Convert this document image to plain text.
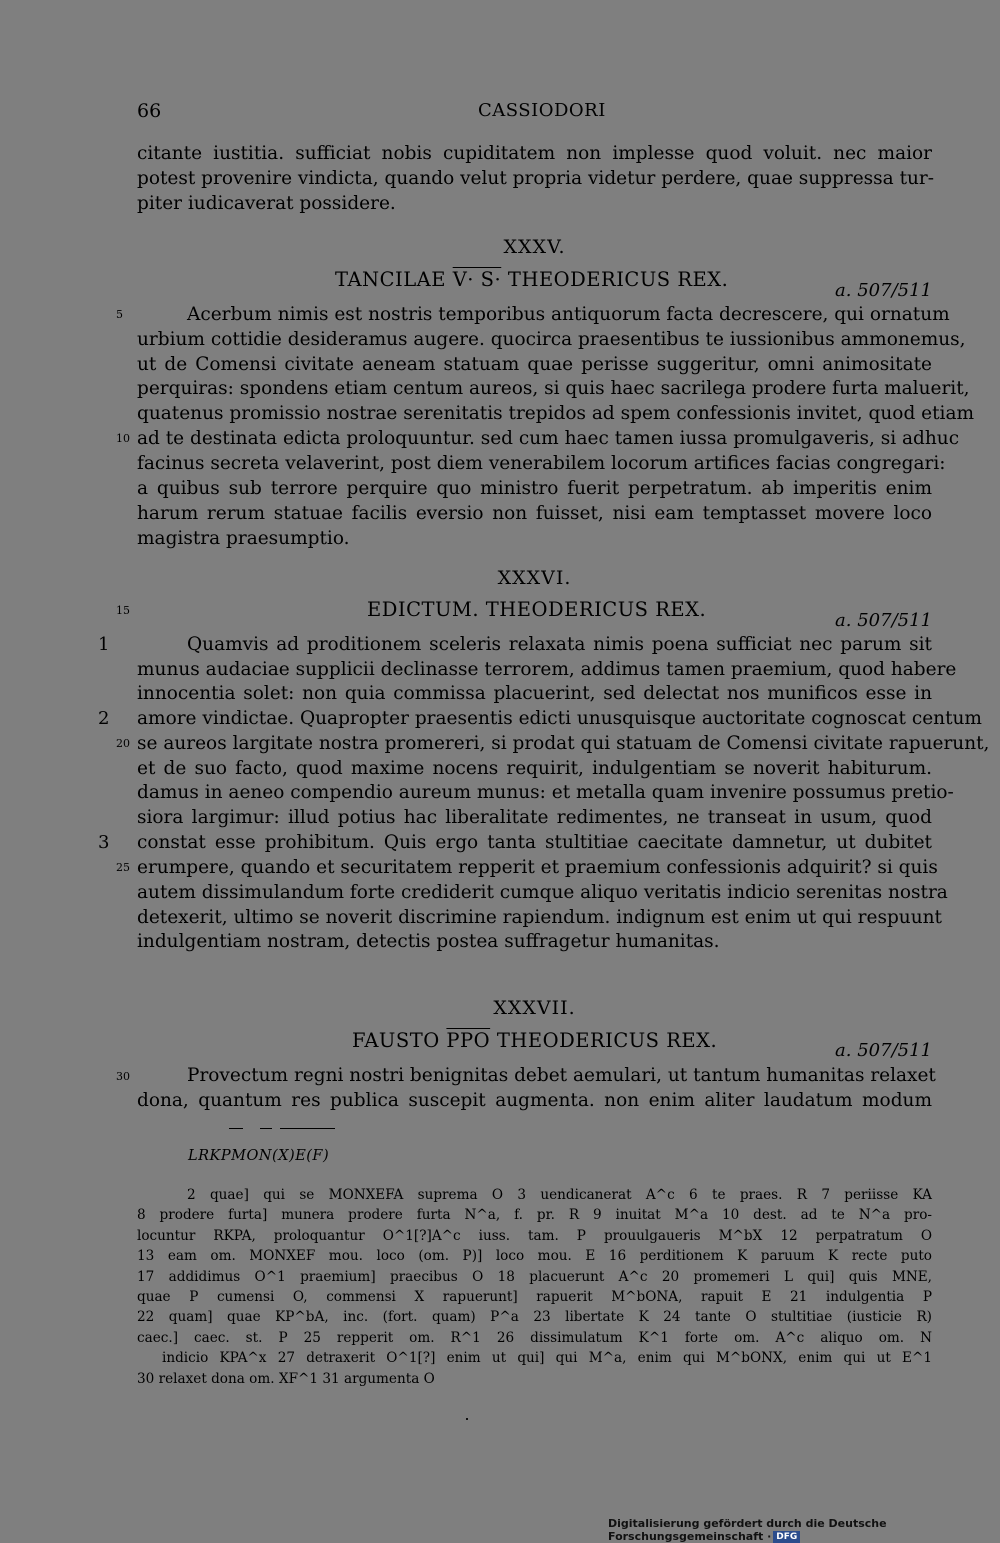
66	CASSIODORI
citante iustitia. sufficiat nobis cupiditatem non implesse quod voluit. nec maior
potest provenire vindicta, quando velut propria videtur perdere, quae suppressa tur-
piter iudicaverat possidere.
XXXV.
TANCILAE V· S· THEODERICUS REX.	a. 507/511
5	Acerbum nimis est nostris temporibus antiquorum facta decrescere, qui ornatum
urbium cottidie desideramus augere. quocirca praesentibus te iussionibus ammonemus,
ut de Comensi civitate aeneam statuam quae perisse suggeritur, omni animositate
perquiras: spondens etiam centum aureos, si quis haec sacrilega prodere furta maluerit,
quatenus promissio nostrae serenitatis trepidos ad spem confessionis invitet, quod etiam
10 ad te destinata edicta proloquuntur. sed cum haec tamen iussa promulgaveris, si adhuc
facinus secreta velaverint, post diem venerabilem locorum artifices facias congregari:
a quibus sub terrore perquire quo ministro fuerit perpetratum. ab imperitis enim
harum rerum statuae facilis eversio non fuisset, nisi eam temptasset movere loco
magistra praesumptio.
XXXVI.
15	EDICTUM. THEODERICUS REX.	a. 507/511
1	Quamvis ad proditionem sceleris relaxata nimis poena sufficiat nec parum sit
munus audaciae supplicii declinasse terrorem, addimus tamen praemium, quod habere
innocentia solet: non quia commissa placuerint, sed delectat nos munificos esse in
2 amore vindictae. Quapropter praesentis edicti unusquisque auctoritate cognoscat centum
20 se aureos largitate nostra promereri, si prodat qui statuam de Comensi civitate rapuerunt,
et de suo facto, quod maxime nocens requirit, indulgentiam se noverit habiturum.
damus in aeneo compendio aureum munus: et metalla quam invenire possumus pretio-
siora largimur: illud potius hac liberalitate redimentes, ne transeat in usum, quod
3 constat esse prohibitum. Quis ergo tanta stultitiae caecitate damnetur, ut dubitet
25 erumpere, quando et securitatem repperit et praemium confessionis adquirit? si quis
autem dissimulandum forte crediderit cumque aliquo veritatis indicio serenitas nostra
detexerit, ultimo se noverit discrimine rapiendum. indignum est enim ut qui respuunt
indulgentiam nostram, detectis postea suffragetur humanitas.
XXXVII.
FAUSTO $\overline{PPO}$ THEODERICUS REX.	a. 507/511
30	Provectum regni nostri benignitas debet aemulari, ut tantum humanitas relaxet
dona, quantum res publica suscepit augmenta. non enim aliter laudatum modum
LRKPMON(X)E(F)
2 quae] qui se MONXEFA suprema O 3 uendicanerat A^c 6 te praes. R 7 periisse KA
8 prodere furta] munera prodere furta N^a, f. pr. R 9 inuitat M^a 10 dest. ad te N^a pro-
locuntur RKPA, proloquantur O^1[?]A^c iuss. tam. P prouulgaueris M^bX 12 perpatratum O
13 eam om. MONXEF mou. loco (om. P)] loco mou. E 16 perditionem K paruum K recte puto
17 addidimus O^1 praemium] praecibus O 18 placuerunt A^c 20 promemeri L qui] quis MNE,
quae P cumensi O, commensi X rapuerunt] rapuerit M^bONA, rapuit E 21 indulgentia P
22 quam] quae KP^bA, inc. (fort. quam) P^a 23 libertate K 24 tante O stultitiae (iusticie R)
caec.] caec. st. P 25 repperit om. R^1 26 dissimulatum K^1 forte om. A^c aliquo om. N
indicio KPA^x 27 detraxerit O^1[?] enim ut qui] qui M^a, enim qui M^bONX, enim qui ut E^1
30 relaxet dona om. XF^1 31 argumenta O
Digitalisierung gefördert durch die Deutsche Forschungsgemeinschaft · DFG
